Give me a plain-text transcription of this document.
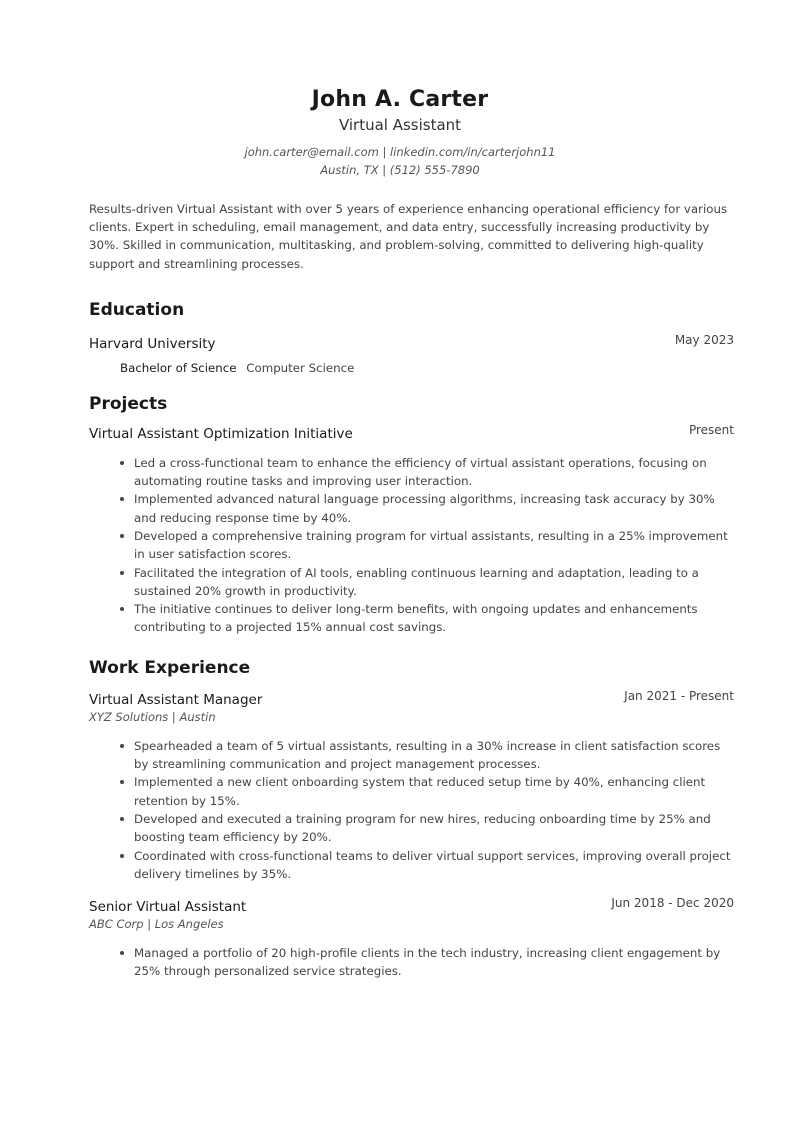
John A. Carter
Virtual Assistant
john.carter@email.com | linkedin.com/in/carterjohn11
Austin, TX | (512) 555-7890

Results-driven Virtual Assistant with over 5 years of experience enhancing operational efficiency for various clients. Expert in scheduling, email management, and data entry, successfully increasing productivity by 30%. Skilled in communication, multitasking, and problem-solving, committed to delivering high-quality support and streamlining processes.

Education
Harvard University	May 2023
Bachelor of Science Computer Science
Projects
Virtual Assistant Optimization Initiative	Present
Led a cross-functional team to enhance the efficiency of virtual assistant operations, focusing on automating routine tasks and improving user interaction.
Implemented advanced natural language processing algorithms, increasing task accuracy by 30% and reducing response time by 40%.
Developed a comprehensive training program for virtual assistants, resulting in a 25% improvement in user satisfaction scores.
Facilitated the integration of AI tools, enabling continuous learning and adaptation, leading to a sustained 20% growth in productivity.
The initiative continues to deliver long-term benefits, with ongoing updates and enhancements contributing to a projected 15% annual cost savings.
Work Experience
Virtual Assistant Manager	Jan 2021 - Present
XYZ Solutions | Austin
Spearheaded a team of 5 virtual assistants, resulting in a 30% increase in client satisfaction scores by streamlining communication and project management processes.
Implemented a new client onboarding system that reduced setup time by 40%, enhancing client retention by 15%.
Developed and executed a training program for new hires, reducing onboarding time by 25% and boosting team efficiency by 20%.
Coordinated with cross-functional teams to deliver virtual support services, improving overall project delivery timelines by 35%.
Senior Virtual Assistant	Jun 2018 - Dec 2020
ABC Corp | Los Angeles
Managed a portfolio of 20 high-profile clients in the tech industry, increasing client engagement by 25% through personalized service strategies.
